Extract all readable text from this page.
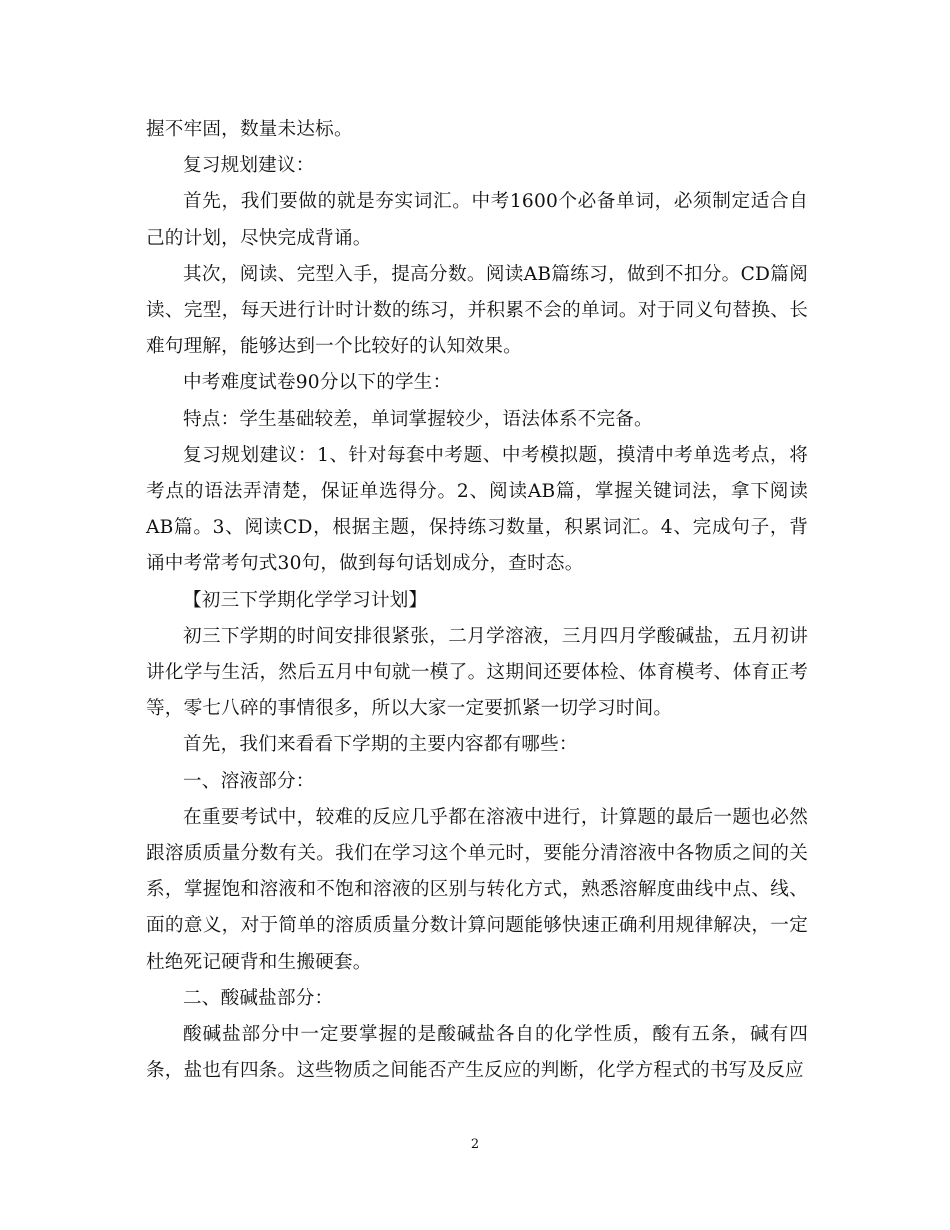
握不牢固，数量未达标。

复习规划建议：

首先，我们要做的就是夯实词汇。中考1600个必备单词，必须制定适合自己的计划，尽快完成背诵。

其次，阅读、完型入手，提高分数。阅读AB篇练习，做到不扣分。CD篇阅读、完型，每天进行计时计数的练习，并积累不会的单词。对于同义句替换、长难句理解，能够达到一个比较好的认知效果。

中考难度试卷90分以下的学生：

特点：学生基础较差，单词掌握较少，语法体系不完备。

复习规划建议：1、针对每套中考题、中考模拟题，摸清中考单选考点，将考点的语法弄清楚，保证单选得分。2、阅读AB篇，掌握关键词法，拿下阅读AB篇。3、阅读CD，根据主题，保持练习数量，积累词汇。4、完成句子，背诵中考常考句式30句，做到每句话划成分，查时态。

【初三下学期化学学习计划】

初三下学期的时间安排很紧张，二月学溶液，三月四月学酸碱盐，五月初讲讲化学与生活，然后五月中旬就一模了。这期间还要体检、体育模考、体育正考等，零七八碎的事情很多，所以大家一定要抓紧一切学习时间。

首先，我们来看看下学期的主要内容都有哪些：

一、溶液部分：

在重要考试中，较难的反应几乎都在溶液中进行，计算题的最后一题也必然跟溶质质量分数有关。我们在学习这个单元时，要能分清溶液中各物质之间的关系，掌握饱和溶液和不饱和溶液的区别与转化方式，熟悉溶解度曲线中点、线、面的意义，对于简单的溶质质量分数计算问题能够快速正确利用规律解决，一定杜绝死记硬背和生搬硬套。

二、酸碱盐部分：

酸碱盐部分中一定要掌握的是酸碱盐各自的化学性质，酸有五条，碱有四条，盐也有四条。这些物质之间能否产生反应的判断，化学方程式的书写及反应

2
